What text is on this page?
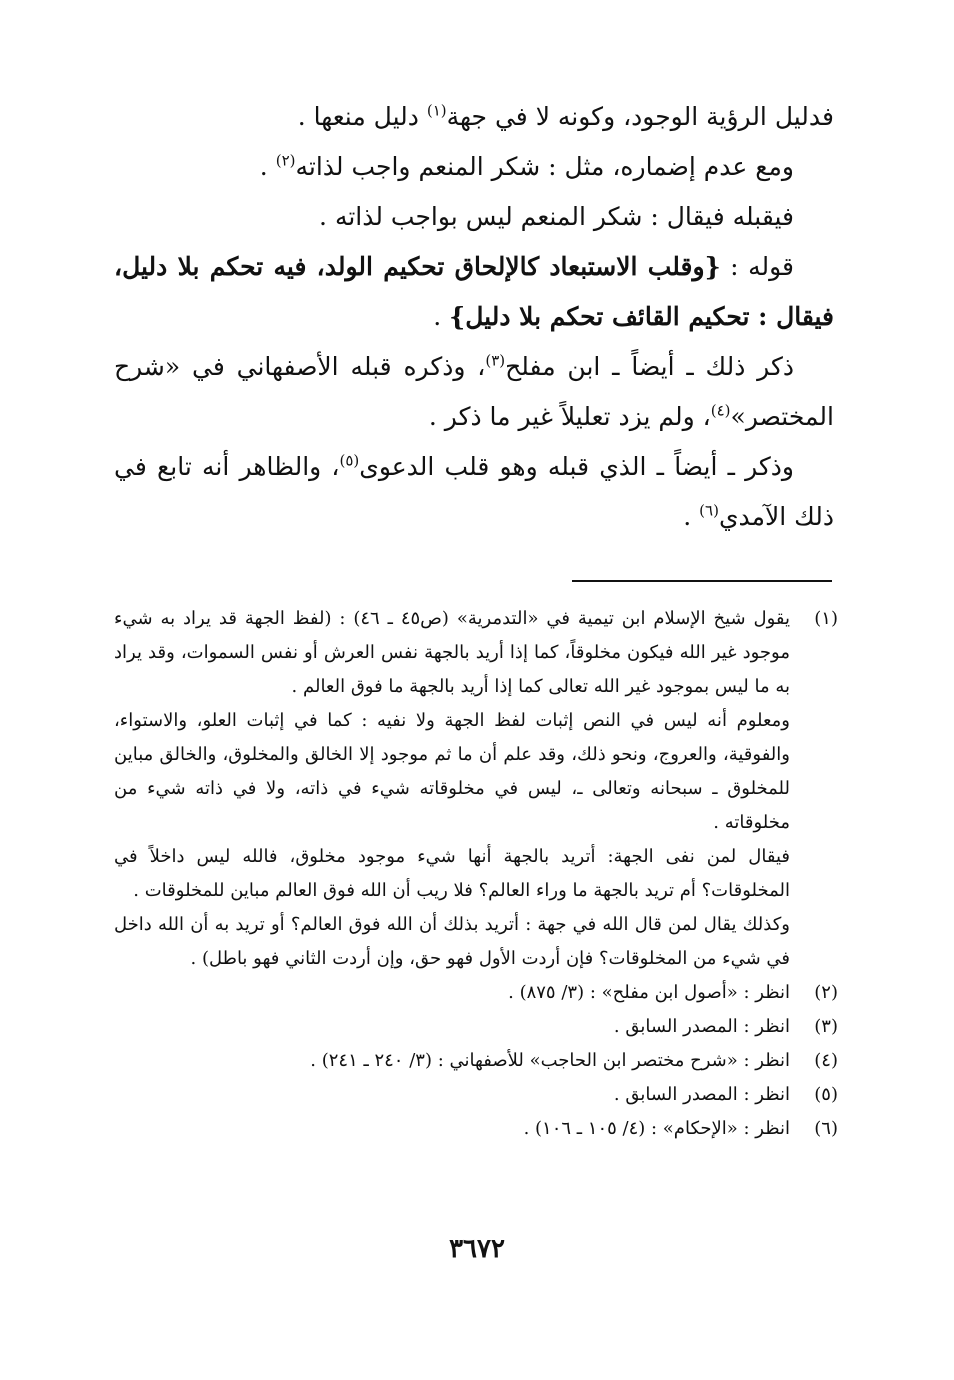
فدليل الرؤية الوجود، وكونه لا في جهة$^{(١)}$ دليل منعها .

ومع عدم إضماره، مثل : شكر المنعم واجب لذاته$^{(٢)}$ .

فيقبله فيقال : شكر المنعم ليس بواجب لذاته .

قوله : {وقلب الاستبعاد كالإلحاق تحكيم الولد، فيه تحكم بلا دليل، فيقال : تحكيم القائف تحكم بلا دليل} .

ذكر ذلك ـ أيضاً ـ ابن مفلح$^{(٣)}$، وذكره قبله الأصفهاني في «شرح المختصر»$^{(٤)}$، ولم يزد تعليلاً غير ما ذكر .

وذكر ـ أيضاً ـ الذي قبله وهو قلب الدعوى$^{(٥)}$، والظاهر أنه تابع في ذلك الآمدي$^{(٦)}$ .

(١)

يقول شيخ الإسلام ابن تيمية في «التدمرية» (ص٤٥ ـ ٤٦) : (لفظ الجهة قد يراد به شيء موجود غير الله فيكون مخلوقاً، كما إذا أريد بالجهة نفس العرش أو نفس السموات، وقد يراد به ما ليس بموجود غير الله تعالى كما إذا أريد بالجهة ما فوق العالم .

ومعلوم أنه ليس في النص إثبات لفظ الجهة ولا نفيه : كما في إثبات العلو، والاستواء، والفوقية، والعروج، ونحو ذلك، وقد علم أن ما ثم موجود إلا الخالق والمخلوق، والخالق مباين للمخلوق ـ سبحانه وتعالى ـ، ليس في مخلوقاته شيء في ذاته، ولا في ذاته شيء من مخلوقاته .

فيقال لمن نفى الجهة: أتريد بالجهة أنها شيء موجود مخلوق، فالله ليس داخلاً في المخلوقات؟ أم تريد بالجهة ما وراء العالم؟ فلا ريب أن الله فوق العالم مباين للمخلوقات .

وكذلك يقال لمن قال الله في جهة : أتريد بذلك أن الله فوق العالم؟ أو تريد به أن الله داخل في شيء من المخلوقات؟ فإن أردت الأول فهو حق، وإن أردت الثاني فهو باطل) .

(٢)

انظر : «أصول ابن مفلح» : (٣/ ٨٧٥) .

(٣)

انظر : المصدر السابق .

(٤)

انظر : «شرح مختصر ابن الحاجب» للأصفهاني : (٣/ ٢٤٠ ـ ٢٤١) .

(٥)

انظر : المصدر السابق .

(٦)

انظر : «الإحكام» : (٤/ ١٠٥ ـ ١٠٦) .

٣٦٧٢
